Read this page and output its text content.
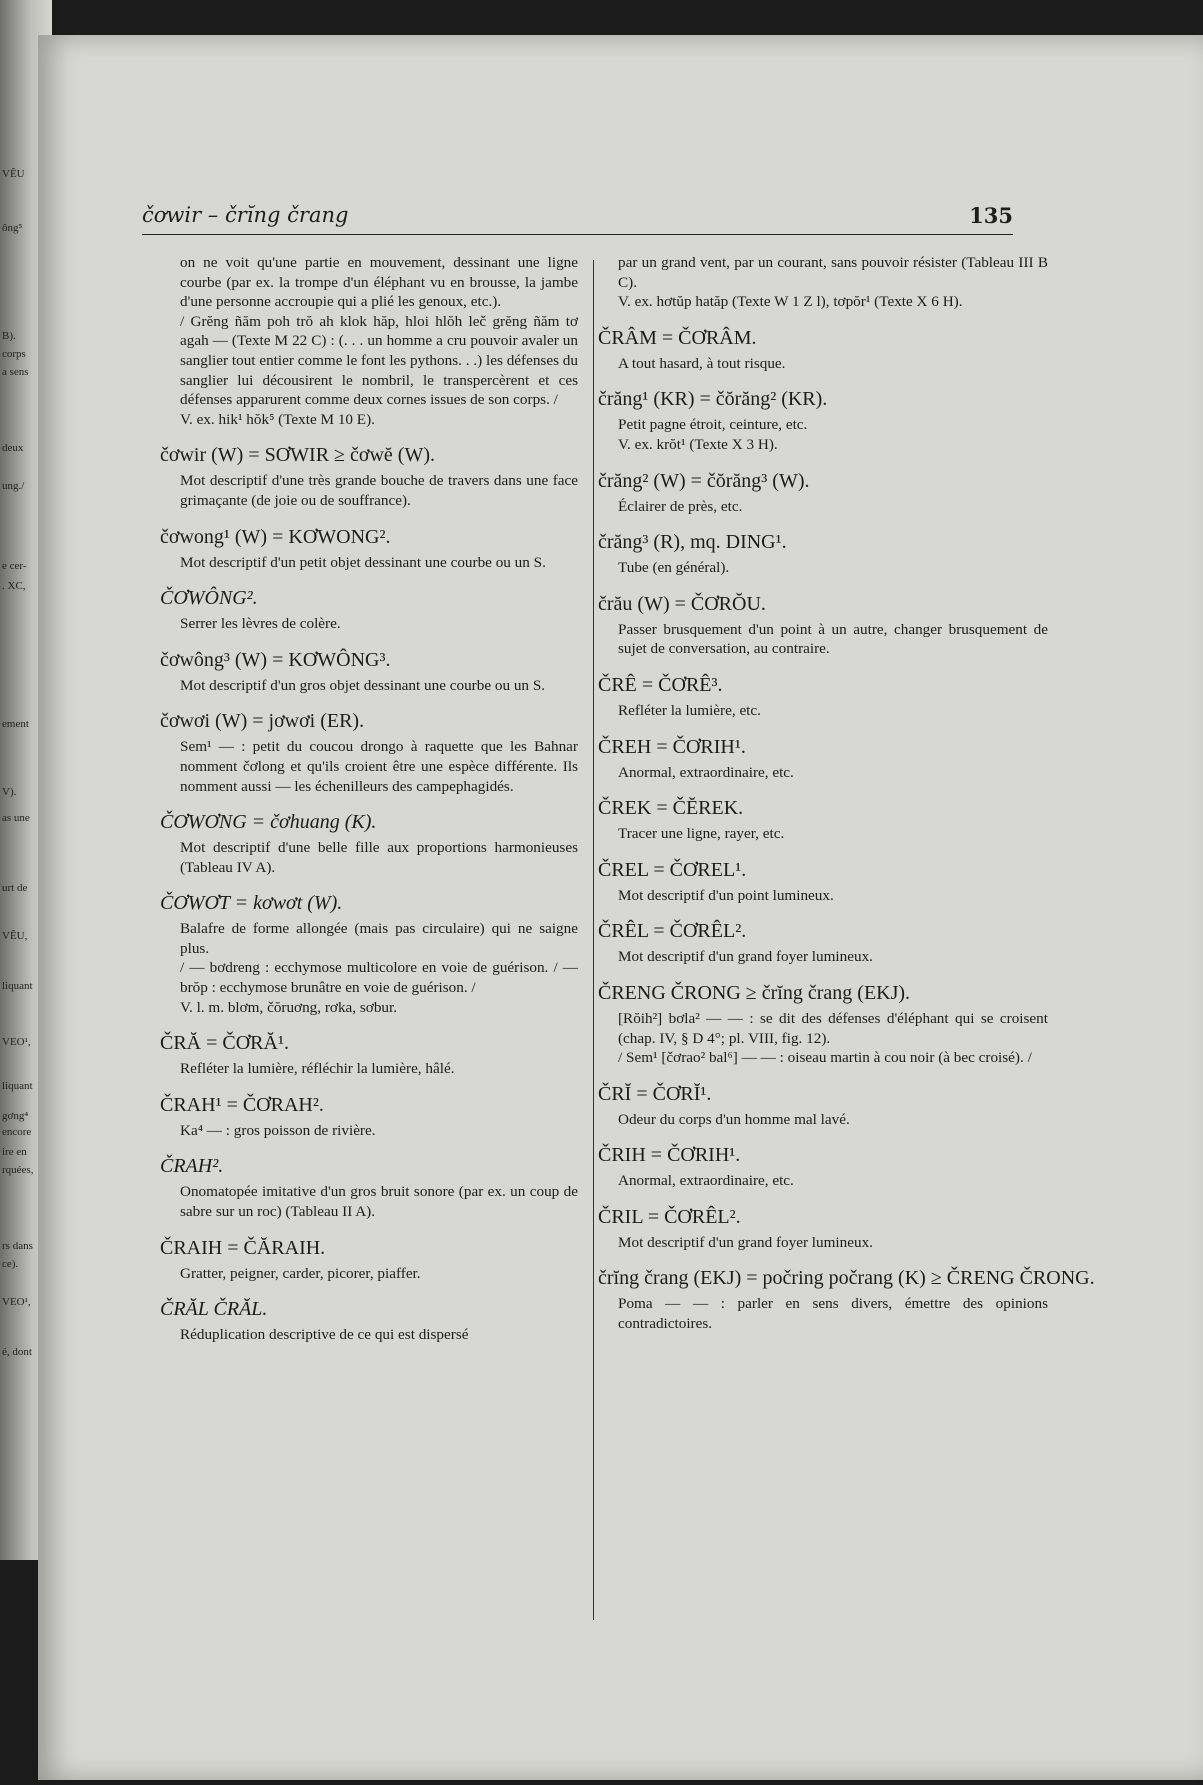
VÊU
ông⁵
B).
corps
a sens
deux
ung./
e cer-
. XC,
ement
V).
as une
urt de
VÊU,
liquant
VEO¹,
liquant
gơng⁴
encore
ire en
rquées,
rs dans
ce).
VEO¹,
é, dont
čơwir – črĭng črang	135
on ne voit qu'une partie en mouvement, dessinant une ligne courbe (par ex. la trompe d'un éléphant vu en brousse, la jambe d'une personne accroupie qui a plié les genoux, etc.).
/ Grĕng ñăm poh trŏ ah klok hăp, hloi hlŏh leč grĕng ñăm tơ agah — (Texte M 22 C) : (. . . un homme a cru pouvoir avaler un sanglier tout entier comme le font les pythons. . .) les défenses du sanglier lui décousirent le nombril, le transpercèrent et ces défenses apparurent comme deux cornes issues de son corps. /
V. ex. hik¹ hŏk⁵ (Texte M 10 E).
čơwir (W) = SƠWIR ≥ čơwĕ (W).
Mot descriptif d'une très grande bouche de travers dans une face grimaçante (de joie ou de souffrance).
čơwong¹ (W) = KƠWONG².
Mot descriptif d'un petit objet dessinant une courbe ou un S.
ČƠWÔNG².
Serrer les lèvres de colère.
čơwông³ (W) = KƠWÔNG³.
Mot descriptif d'un gros objet dessinant une courbe ou un S.
čơwơi (W) = jơwơi (ER).
Sem¹ — : petit du coucou drongo à raquette que les Bahnar nomment čơlong et qu'ils croient être une espèce différente. Ils nomment aussi — les échenilleurs des campephagidés.
ČƠWƠNG = čơhuang (K).
Mot descriptif d'une belle fille aux proportions harmonieuses (Tableau IV A).
ČƠWƠT = kơwơt (W).
Balafre de forme allongée (mais pas circulaire) qui ne saigne plus.
/ — bơdreng : ecchymose multicolore en voie de guérison. / — brŏp : ecchymose brunâtre en voie de guérison. /
V. l. m. blơm, čŏruơng, rơka, sơbur.
ČRĂ = ČƠRĂ¹.
Refléter la lumière, réfléchir la lumière, hâlé.
ČRAH¹ = ČƠRAH².
Ka⁴ — : gros poisson de rivière.
ČRAH².
Onomatopée imitative d'un gros bruit sonore (par ex. un coup de sabre sur un roc) (Tableau II A).
ČRAIH = ČĂRAIH.
Gratter, peigner, carder, picorer, piaffer.
ČRĂL ČRĂL.
Réduplication descriptive de ce qui est dispersé
par un grand vent, par un courant, sans pouvoir résister (Tableau III B C).
V. ex. hơtŭp hatăp (Texte W 1 Z l), tơpŏr¹ (Texte X 6 H).
ČRÂM = ČƠRÂM.
A tout hasard, à tout risque.
črăng¹ (KR) = čŏrăng² (KR).
Petit pagne étroit, ceinture, etc.
V. ex. krŏt¹ (Texte X 3 H).
črăng² (W) = čŏrăng³ (W).
Éclairer de près, etc.
črăng³ (R), mq. DING¹.
Tube (en général).
črău (W) = ČƠRŎU.
Passer brusquement d'un point à un autre, changer brusquement de sujet de conversation, au contraire.
ČRÊ = ČƠRÊ³.
Refléter la lumière, etc.
ČREH = ČƠRIH¹.
Anormal, extraordinaire, etc.
ČREK = ČĔREK.
Tracer une ligne, rayer, etc.
ČREL = ČƠREL¹.
Mot descriptif d'un point lumineux.
ČRÊL = ČƠRÊL².
Mot descriptif d'un grand foyer lumineux.
ČRENG ČRONG ≥ črĭng črang (EKJ).
[Rŏih²] bơla² — — : se dit des défenses d'éléphant qui se croisent (chap. IV, § D 4°; pl. VIII, fig. 12).
/ Sem¹ [čơrao² bal⁶] — — : oiseau martin à cou noir (à bec croisé). /
ČRĬ = ČƠRĬ¹.
Odeur du corps d'un homme mal lavé.
ČRIH = ČƠRIH¹.
Anormal, extraordinaire, etc.
ČRIL = ČƠRÊL².
Mot descriptif d'un grand foyer lumineux.
črĭng črang (EKJ) = počring počrang (K) ≥ ČRENG ČRONG.
Poma — — : parler en sens divers, émettre des opinions contradictoires.
